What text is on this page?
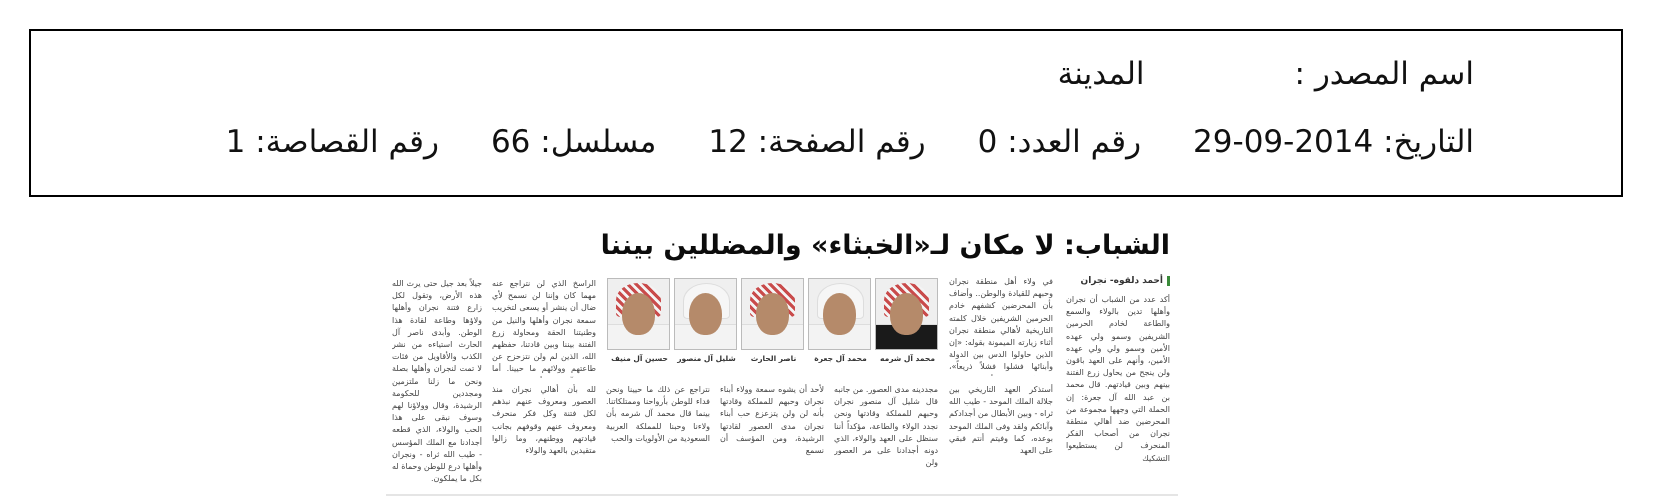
اسم المصدر :المدينة
التاريخ: 2014-09-29رقم العدد: 0رقم الصفحة: 12مسلسل: 66رقم القصاصة: 1
الشباب: لا مكان لـ«الخبثاء» والمضللين بيننا
أحمد دلقوه- نجران
أكد عدد من الشباب أن نجران وأهلها تدين بالولاء والسمع والطاعة لخادم الحرمين الشريفين وسمو ولي عهده الأمين وسمو ولي ولي عهده الأمين، وأنهم على العهد باقون ولن ينجح من يحاول زرع الفتنة بينهم وبين قيادتهم. قال محمد بن عبد الله آل جعرة: إن الحملة التي وجهها مجموعة من المحرضين ضد أهالي منطقة نجران من أصحاب الفكر المنحرف لن يستطيعوا التشكيك
في ولاء أهل منطقة نجران وحبهم للقيادة والوطن.. وأضاف بأن المحرضين كشفهم خادم الحرمين الشريفين خلال كلمته التاريخية لأهالي منطقة نجران أثناء زيارته الميمونة بقوله: «إن الذين حاولوا الدس بين الدولة وأبنائها فشلوا فشلاً ذريعاً»،
أستذكر العهد التاريخي بين جلالة الملك الموحد - طيب الله ثراه - وبين الأبطال من أجدادكم وآبائكم ولقد وفى الملك الموحد بوعده، كما وفيتم أنتم فبقي على العهد
محمد آل شرمه
محمد آل جعرة
ناصر الحارث
شليل آل منصور
حسين آل منيف
مجددينه مدى العصور. من جانبه قال شليل آل منصور نجران وحبهم للمملكة وقادتها ونحن نجدد الولاء والطاعة، مؤكداً أننا سنظل على العهد والولاء، الذي دونه أجدادنا على مر العصور ولن
لأحد أن يشوه سمعة وولاء أبناء نجران وحبهم للمملكة وقادتها بأنه لن ولن يتزعزع حب أبناء نجران مدى العصور لقادتها الرشيدة، ومن المؤسف أن نسمع
نتراجع عن ذلك ما حيينا ونحن فداء للوطن بأرواحنا وممتلكاتنا. بينما قال محمد آل شرمه بأن ولاءنا وحبنا للمملكة العربية السعودية من الأولويات والحب
لله بأن أهالي نجران منذ العصور ومعروف عنهم نبذهم لكل فتنة وكل فكر منحرف ومعروف عنهم وقوفهم بجانب قيادتهم ووطنهم، وما زالوا متقيدين بالعهد والولاء
الراسخ الذي لن نتراجع عنه مهما كان وإننا لن نسمح لأي ضال أن ينشر أو يسعى لتخريب سمعة نجران وأهلها والنيل من وطنيتنا الحقة ومحاولة زرع الفتنة بيننا وبين قادتنا، حفظهم الله، الذين لم ولن نتزحزح عن طاعتهم وولائهم ما حيينا. أما
جيلاً بعد جيل حتى يرث الله هذه الأرض، وتقول لكل زارع فتنة نجران وأهلها ولاؤها وطاعة لقادة هذا الوطن. وأبدى ناصر آل الحارث استياءه من نشر الكذب والأقاويل من فئات لا تمت لنجران وأهلها بصلة ونحن ما زلنا ملتزمين ومجددين للحكومة الرشيدة، وقال وولاؤنا لهم وسوف نبقى على هذا الحب والولاء، الذي قطعه أجدادنا مع الملك المؤسس - طيب الله ثراه - ونجران وأهلها درع للوطن وحماة له بكل ما يملكون.
